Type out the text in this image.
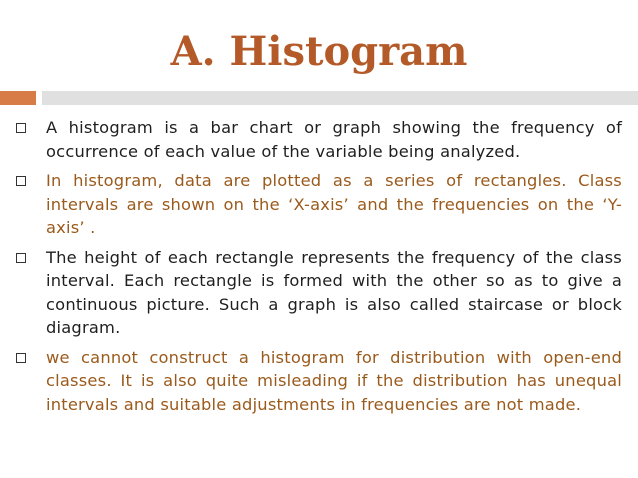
A. Histogram
A histogram is a bar chart or graph showing the frequency of occurrence of each value of the variable being analyzed.
In histogram, data are plotted as a series of rectangles. Class intervals are shown on the ‘X-axis’ and the frequencies on the ‘Y-axis’ .
The height of each rectangle represents the frequency of the class interval. Each rectangle is formed with the other so as to give a continuous picture. Such a graph is also called staircase or block diagram.
we cannot construct a histogram for distribution with open-end classes. It is also quite misleading if the distribution has unequal intervals and suitable adjustments in frequencies are not made.
